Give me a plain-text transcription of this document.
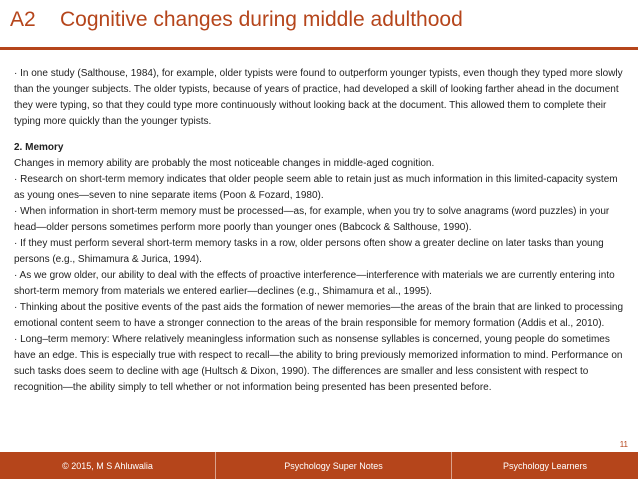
A2 Cognitive changes during middle adulthood

· In one study (Salthouse, 1984), for example, older typists were found to outperform younger typists, even though they typed more slowly than the younger subjects. The older typists, because of years of practice, had developed a skill of looking farther ahead in the document they were typing, so that they could type more continuously without looking back at the document. This allowed them to complete their typing more quickly than the younger typists.

2. Memory

Changes in memory ability are probably the most noticeable changes in middle-aged cognition.

· Research on short-term memory indicates that older people seem able to retain just as much information in this limited-capacity system as young ones—seven to nine separate items (Poon & Fozard, 1980).

· When information in short-term memory must be processed—as, for example, when you try to solve anagrams (word puzzles) in your head—older persons sometimes perform more poorly than younger ones (Babcock & Salthouse, 1990).

· If they must perform several short-term memory tasks in a row, older persons often show a greater decline on later tasks than young persons (e.g., Shimamura & Jurica, 1994).

· As we grow older, our ability to deal with the effects of proactive interference—interference with materials we are currently entering into short-term memory from materials we entered earlier—declines (e.g., Shimamura et al., 1995).

· Thinking about the positive events of the past aids the formation of newer memories—the areas of the brain that are linked to processing emotional content seem to have a stronger connection to the areas of the brain responsible for memory formation (Addis et al., 2010).

· Long–term memory: Where relatively meaningless information such as nonsense syllables is concerned, young people do sometimes have an edge. This is especially true with respect to recall—the ability to bring previously memorized information to mind. Performance on such tasks does seem to decline with age (Hultsch & Dixon, 1990). The differences are smaller and less consistent with respect to recognition—the ability simply to tell whether or not information being presented has been presented before.

11
© 2015, M S Ahluwalia	Psychology Super Notes	Psychology Learners
